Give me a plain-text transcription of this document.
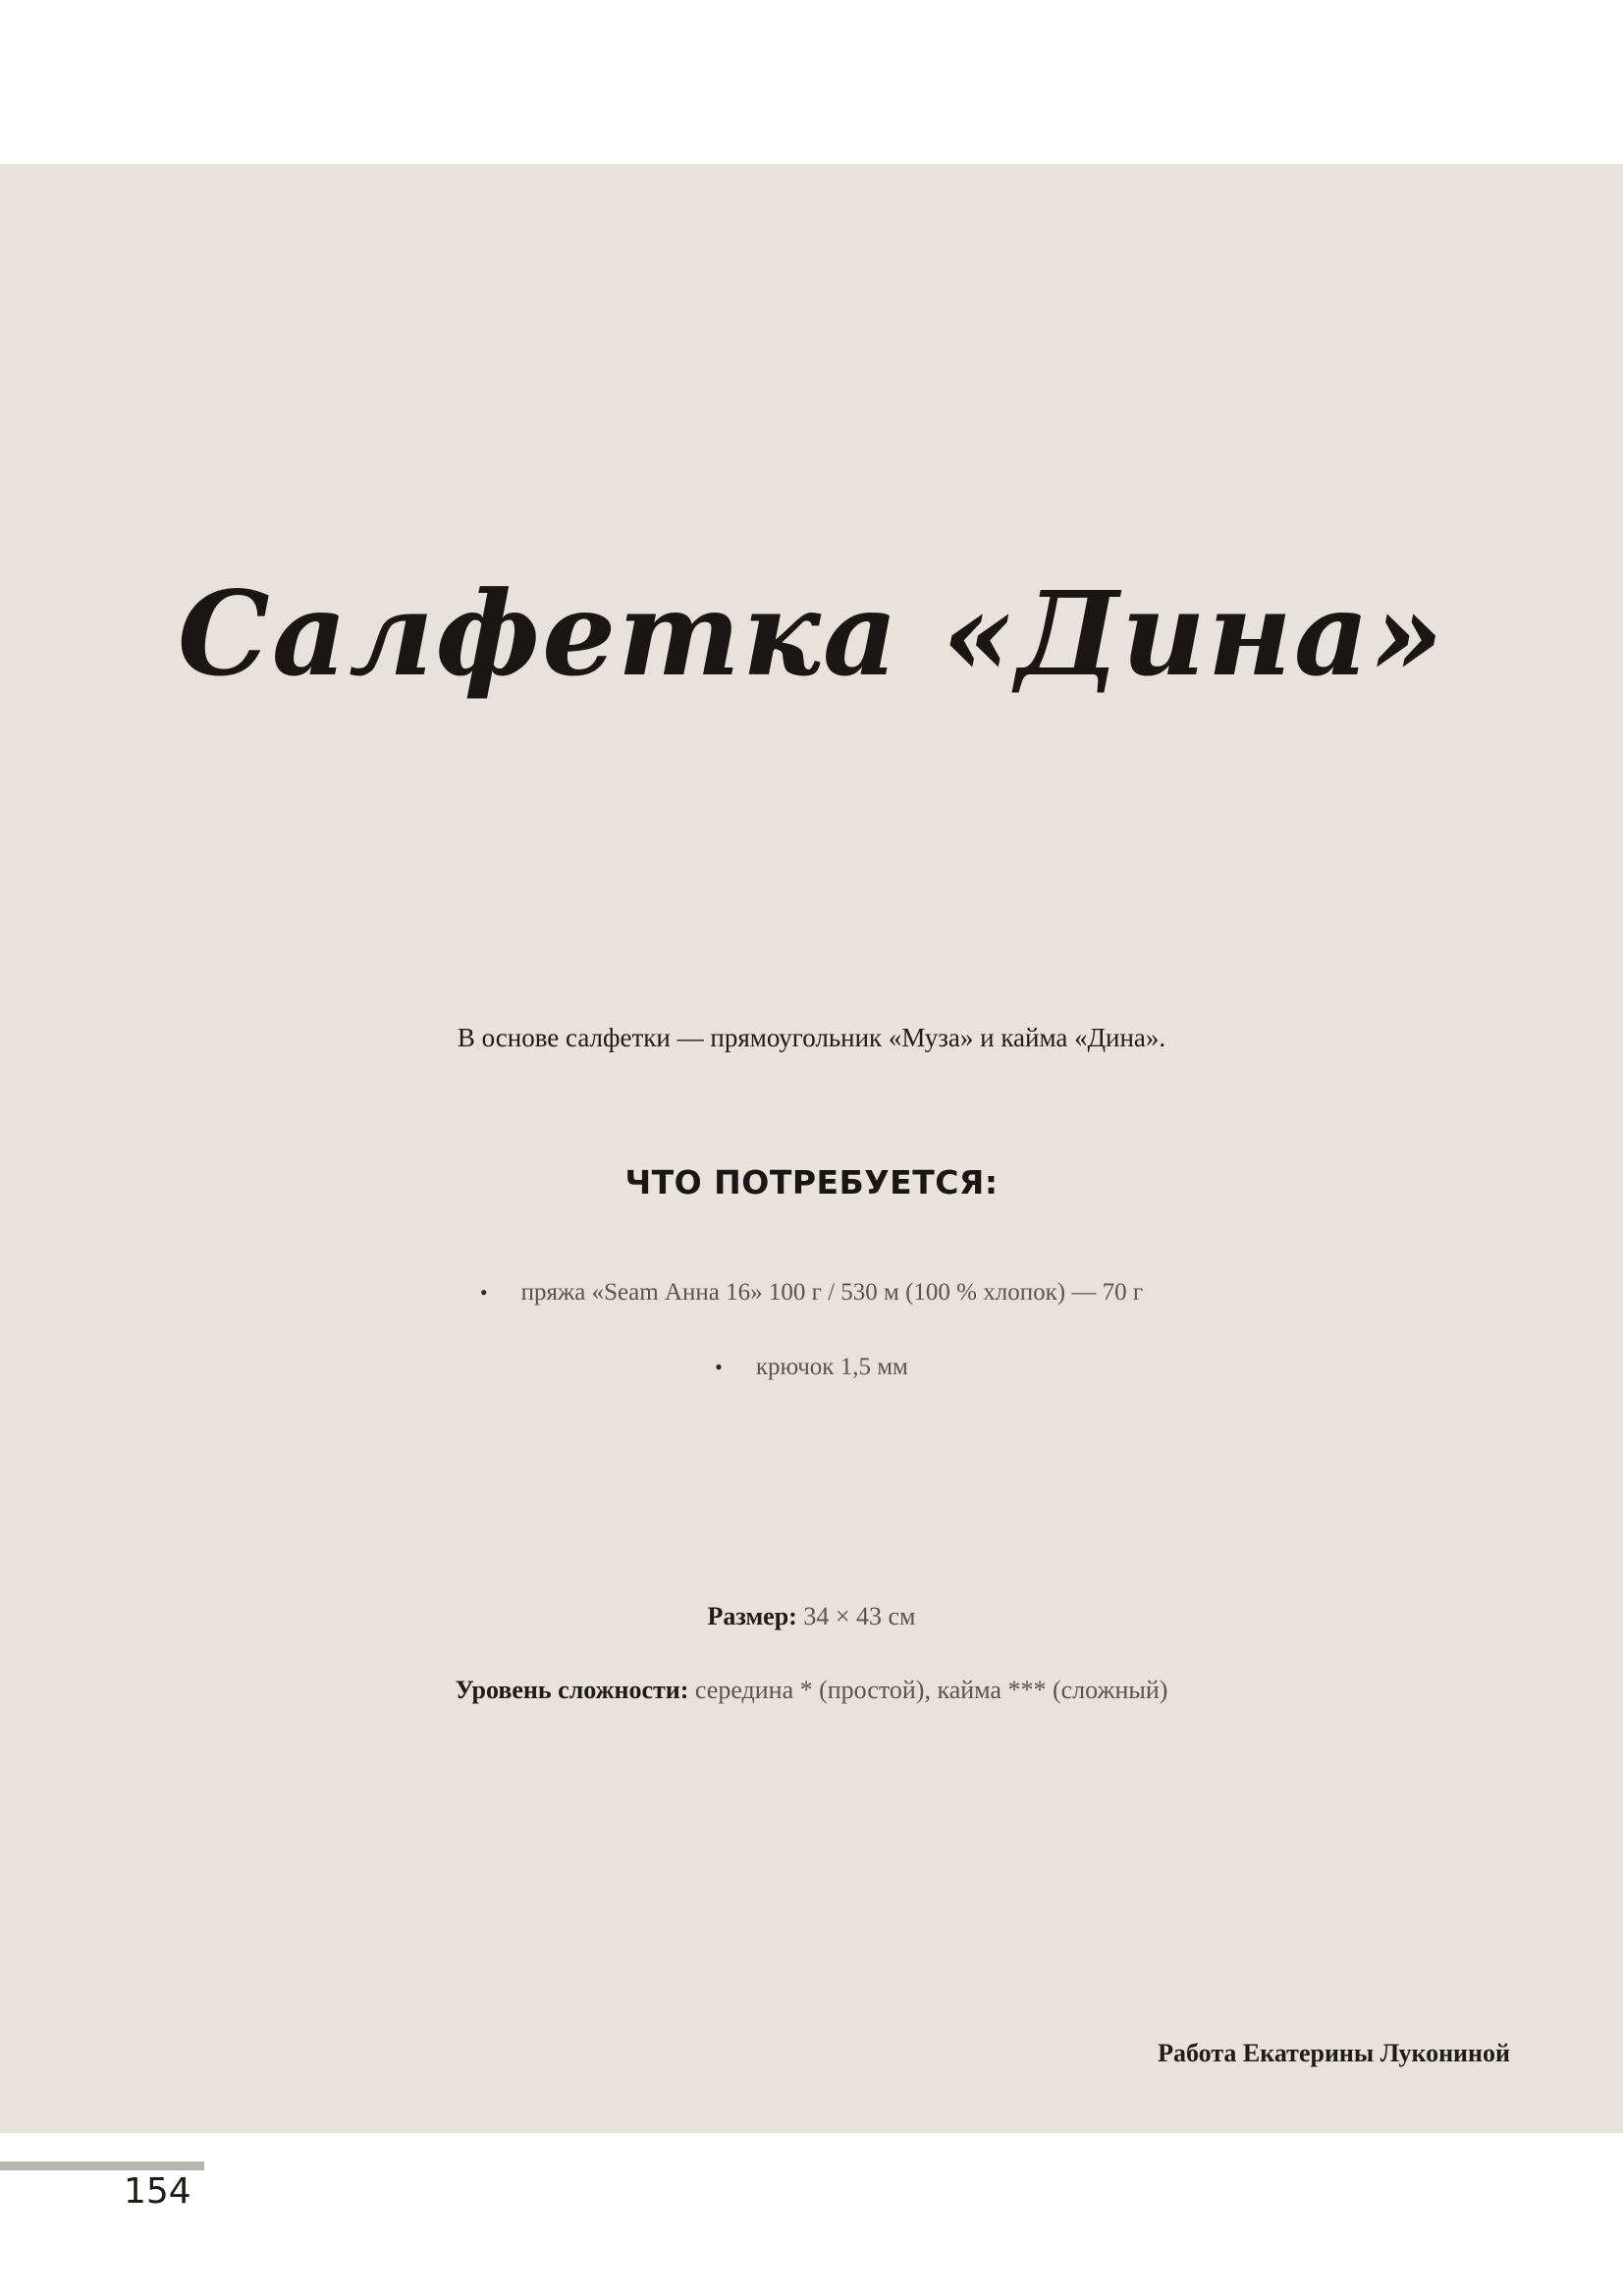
Салфетка «Дина»

В основе салфетки — прямоугольник «Муза» и кайма «Дина».

ЧТО ПОТРЕБУЕТСЯ:
• пряжа «Seam Анна 16» 100 г / 530 м (100 % хлопок) — 70 г
• крючок 1,5 мм

Размер: 34 × 43 см

Уровень сложности: середина * (простой), кайма *** (сложный)

Работа Екатерины Лукониной

154
